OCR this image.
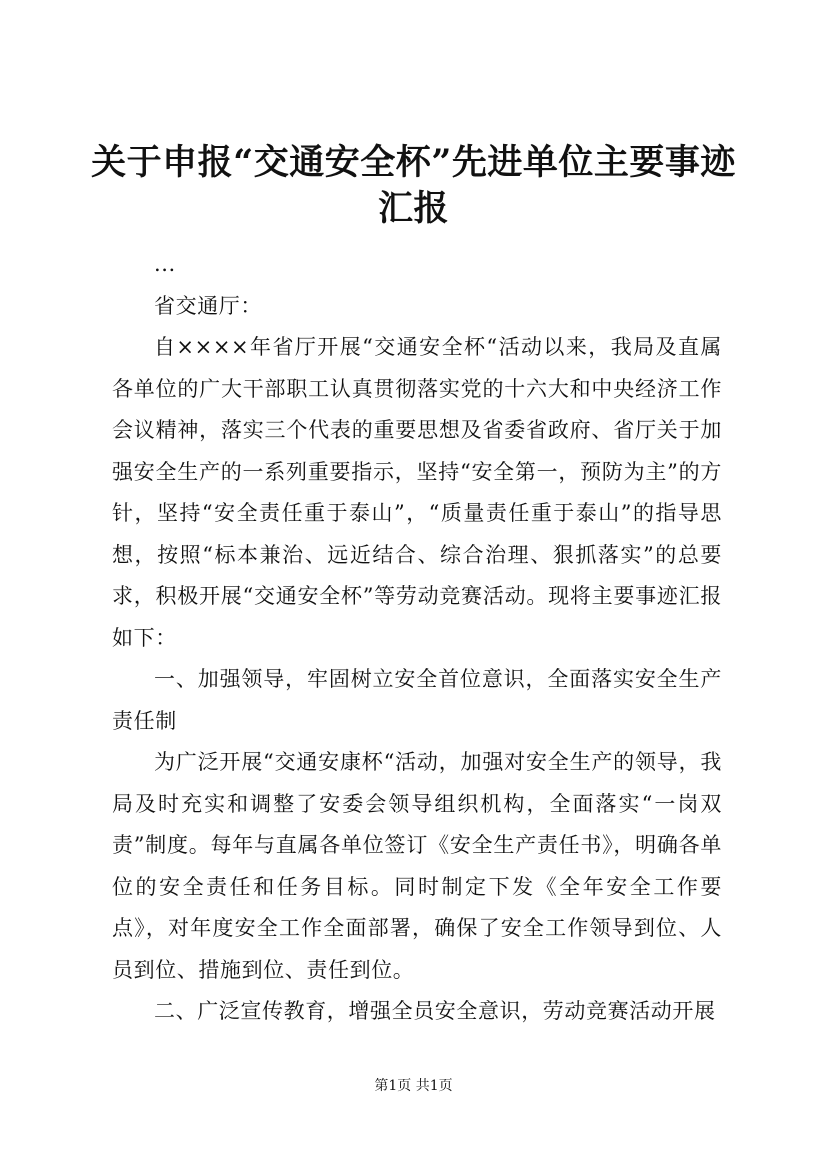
关于申报“交通安全杯”先进单位主要事迹汇报

...

省交通厅：

自××××年省厅开展“交通安全杯“活动以来，我局及直属各单位的广大干部职工认真贯彻落实党的十六大和中央经济工作会议精神，落实三个代表的重要思想及省委省政府、省厅关于加强安全生产的一系列重要指示，坚持“安全第一，预防为主”的方针，坚持“安全责任重于泰山”，“质量责任重于泰山”的指导思想，按照“标本兼治、远近结合、综合治理、狠抓落实”的总要求，积极开展“交通安全杯”等劳动竞赛活动。现将主要事迹汇报如下：

一、加强领导，牢固树立安全首位意识，全面落实安全生产责任制

为广泛开展“交通安康杯“活动，加强对安全生产的领导，我局及时充实和调整了安委会领导组织机构，全面落实“一岗双责”制度。每年与直属各单位签订《安全生产责任书》，明确各单位的安全责任和任务目标。同时制定下发《全年安全工作要点》，对年度安全工作全面部署，确保了安全工作领导到位、人员到位、措施到位、责任到位。

二、广泛宣传教育，增强全员安全意识，劳动竞赛活动开展

第1页 共1页
